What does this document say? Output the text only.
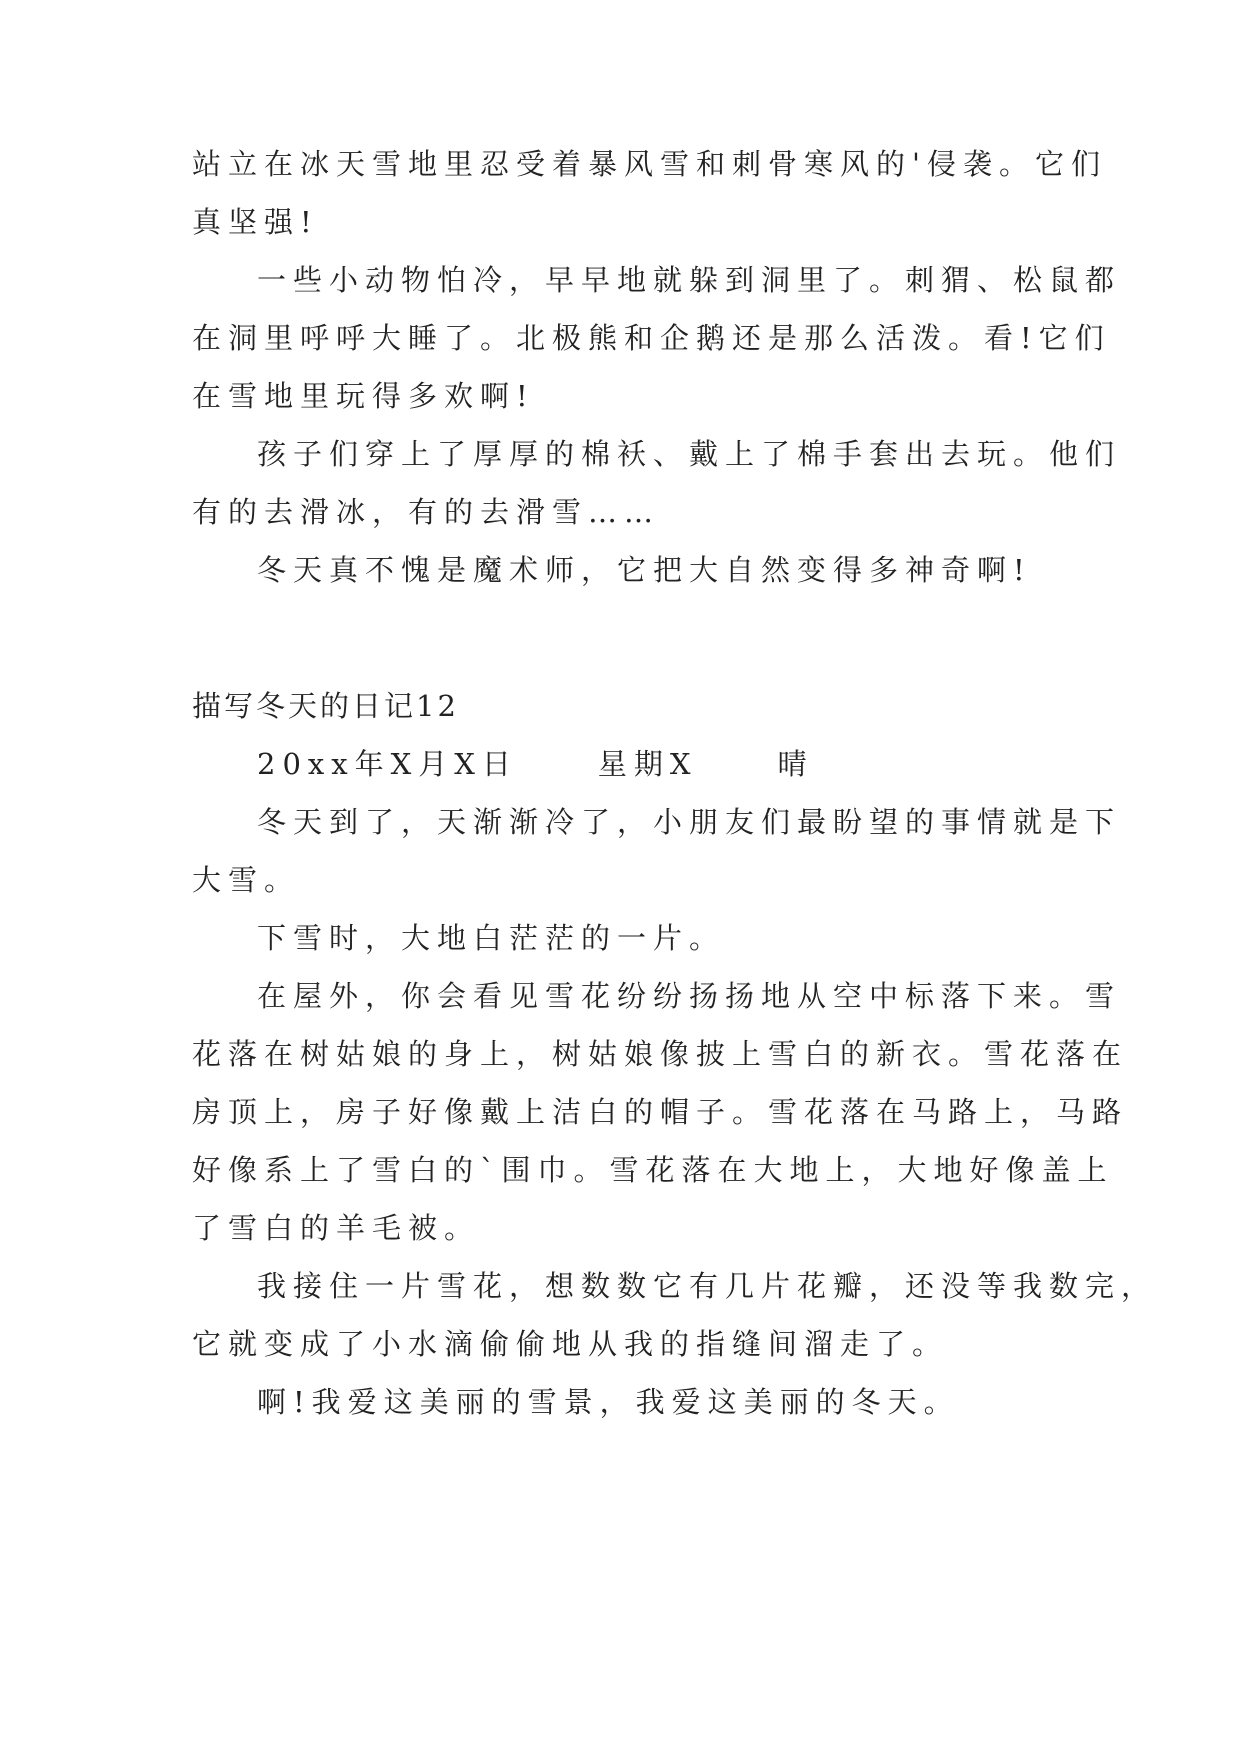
站立在冰天雪地里忍受着暴风雪和刺骨寒风的'侵袭。它们
真坚强!
一些小动物怕冷，早早地就躲到洞里了。刺猬、松鼠都
在洞里呼呼大睡了。北极熊和企鹅还是那么活泼。看!它们
在雪地里玩得多欢啊!
孩子们穿上了厚厚的棉袄、戴上了棉手套出去玩。他们
有的去滑冰，有的去滑雪……
冬天真不愧是魔术师，它把大自然变得多神奇啊!
描写冬天的日记12
20xx年X月X日	星期X	晴
冬天到了，天渐渐冷了，小朋友们最盼望的事情就是下
大雪。
下雪时，大地白茫茫的一片。
在屋外，你会看见雪花纷纷扬扬地从空中标落下来。雪
花落在树姑娘的身上，树姑娘像披上雪白的新衣。雪花落在
房顶上，房子好像戴上洁白的帽子。雪花落在马路上，马路
好像系上了雪白的`围巾。雪花落在大地上，大地好像盖上
了雪白的羊毛被。
我接住一片雪花，想数数它有几片花瓣，还没等我数完，
它就变成了小水滴偷偷地从我的指缝间溜走了。
啊!我爱这美丽的雪景，我爱这美丽的冬天。
